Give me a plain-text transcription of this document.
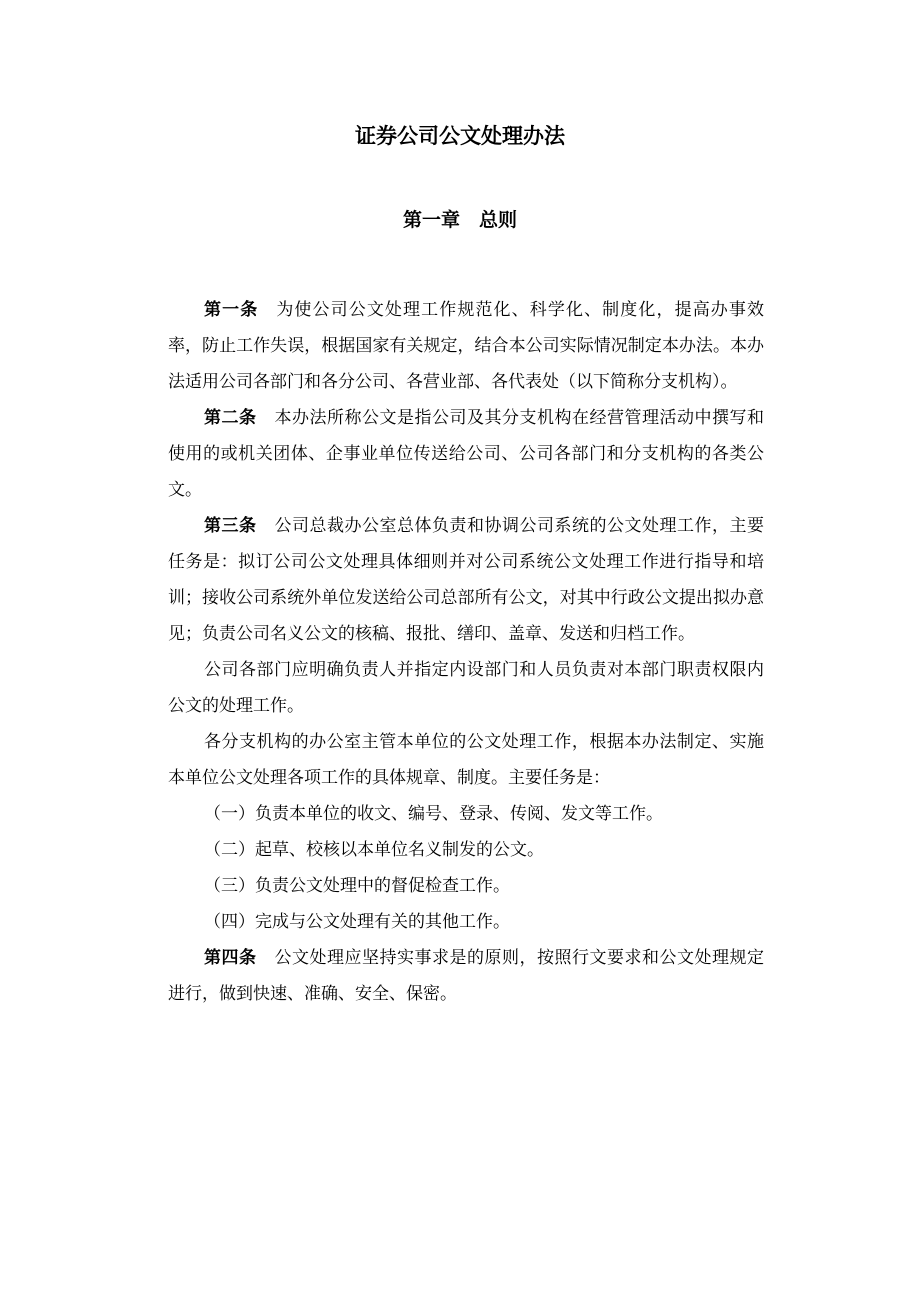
证券公司公文处理办法
第一章　总则

第一条 为使公司公文处理工作规范化、科学化、制度化，提高办事效率，防止工作失误，根据国家有关规定，结合本公司实际情况制定本办法。本办法适用公司各部门和各分公司、各营业部、各代表处（以下简称分支机构）。

第二条 本办法所称公文是指公司及其分支机构在经营管理活动中撰写和使用的或机关团体、企事业单位传送给公司、公司各部门和分支机构的各类公文。

第三条 公司总裁办公室总体负责和协调公司系统的公文处理工作，主要任务是：拟订公司公文处理具体细则并对公司系统公文处理工作进行指导和培训；接收公司系统外单位发送给公司总部所有公文，对其中行政公文提出拟办意见；负责公司名义公文的核稿、报批、缮印、盖章、发送和归档工作。

公司各部门应明确负责人并指定内设部门和人员负责对本部门职责权限内公文的处理工作。

各分支机构的办公室主管本单位的公文处理工作，根据本办法制定、实施本单位公文处理各项工作的具体规章、制度。主要任务是：

（一）负责本单位的收文、编号、登录、传阅、发文等工作。

（二）起草、校核以本单位名义制发的公文。

（三）负责公文处理中的督促检查工作。

（四）完成与公文处理有关的其他工作。

第四条 公文处理应坚持实事求是的原则，按照行文要求和公文处理规定进行，做到快速、准确、安全、保密。
